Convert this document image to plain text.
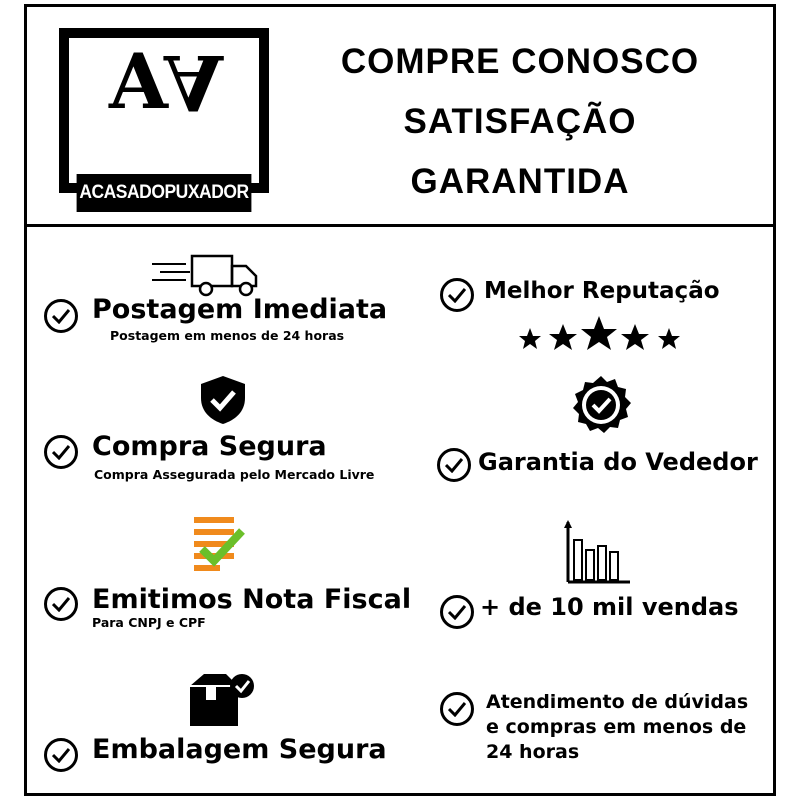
AA
ACASADOPUXADOR
COMPRE CONOSCO
SATISFAÇÃO
GARANTIDA
Postagem Imediata
Postagem em menos de 24 horas
Compra Segura
Compra Assegurada pelo Mercado Livre
Emitimos Nota Fiscal
Para CNPJ e CPF
Embalagem Segura
Melhor Reputação
Garantia do Vededor
+ de 10 mil vendas
Atendimento de dúvidas
e compras em menos de
24 horas
